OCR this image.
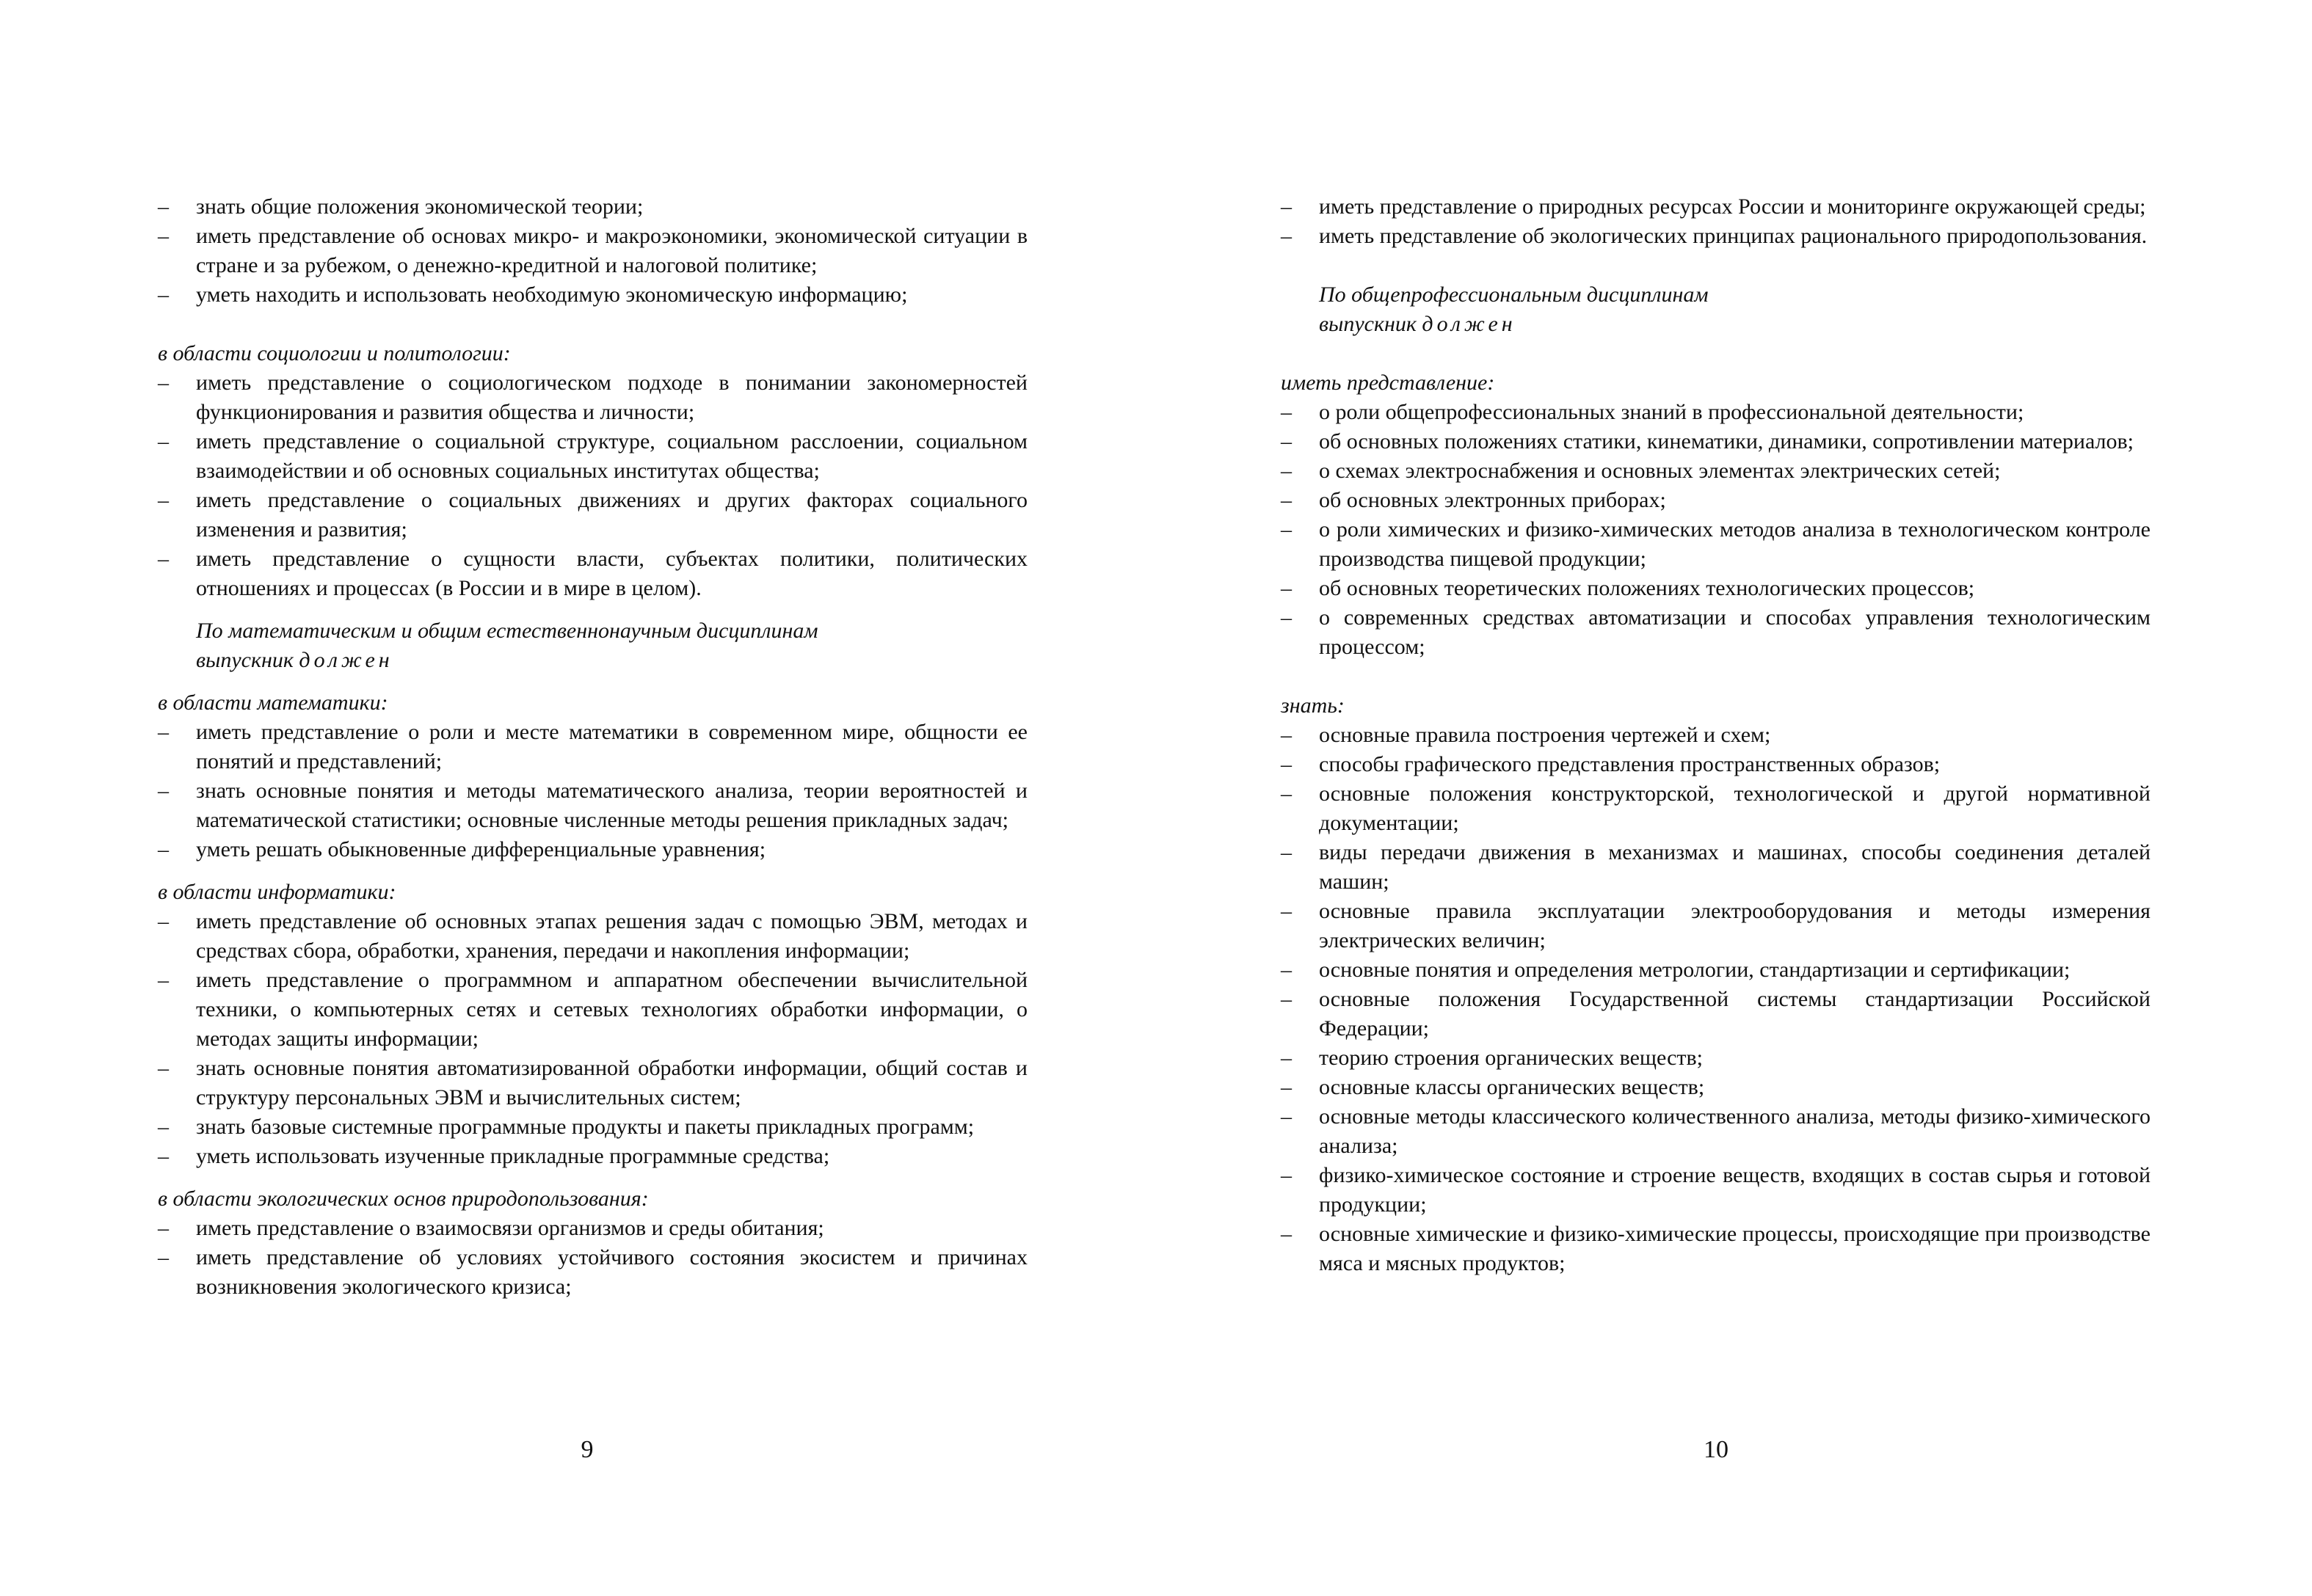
– знать общие положения экономической теории;
– иметь представление об основах микро- и макроэкономики, экономической ситуации в стране и за рубежом, о денежно-кредитной и налоговой политике;
– уметь находить и использовать необходимую экономическую информацию;
в области социологии и политологии:
– иметь представление о социологическом подходе в понимании закономерностей функционирования и развития общества и личности;
– иметь представление о социальной структуре, социальном расслоении, социальном взаимодействии и об основных социальных институтах общества;
– иметь представление о социальных движениях и других факторах социального изменения и развития;
– иметь представление о сущности власти, субъектах политики, политических отношениях и процессах (в России и в мире в целом).
По математическим и общим естественнонаучным дисциплинам
выпускник должен
в области математики:
– иметь представление о роли и месте математики в современном мире, общности ее понятий и представлений;
– знать основные понятия и методы математического анализа, теории вероятностей и математической статистики; основные численные методы решения прикладных задач;
– уметь решать обыкновенные дифференциальные уравнения;
в области информатики:
– иметь представление об основных этапах решения задач с помощью ЭВМ, методах и средствах сбора, обработки, хранения, передачи и накопления информации;
– иметь представление о программном и аппаратном обеспечении вычислительной техники, о компьютерных сетях и сетевых технологиях обработки информации, о методах защиты информации;
– знать основные понятия автоматизированной обработки информации, общий состав и структуру персональных ЭВМ и вычислительных систем;
– знать базовые системные программные продукты и пакеты прикладных программ;
– уметь использовать изученные прикладные программные средства;
в области экологических основ природопользования:
– иметь представление о взаимосвязи организмов и среды обитания;
– иметь представление об условиях устойчивого состояния экосистем и причинах возникновения экологического кризиса;
9
– иметь представление о природных ресурсах России и мониторинге окружающей среды;
– иметь представление об экологических принципах рационального природопользования.
По общепрофессиональным дисциплинам
выпускник должен
иметь представление:
– о роли общепрофессиональных знаний в профессиональной деятельности;
– об основных положениях статики, кинематики, динамики, сопротивлении материалов;
– о схемах электроснабжения и основных элементах электрических сетей;
– об основных электронных приборах;
– о роли химических и физико-химических методов анализа в технологическом контроле производства пищевой продукции;
– об основных теоретических положениях технологических процессов;
– о современных средствах автоматизации и способах управления технологическим процессом;
знать:
– основные правила построения чертежей и схем;
– способы графического представления пространственных образов;
– основные положения конструкторской, технологической и другой нормативной документации;
– виды передачи движения в механизмах и машинах, способы соединения деталей машин;
– основные правила эксплуатации электрооборудования и методы измерения электрических величин;
– основные понятия и определения метрологии, стандартизации и сертификации;
– основные положения Государственной системы стандартизации Российской Федерации;
– теорию строения органических веществ;
– основные классы органических веществ;
– основные методы классического количественного анализа, методы физико-химического анализа;
– физико-химическое состояние и строение веществ, входящих в состав сырья и готовой продукции;
– основные химические и физико-химические процессы, происходящие при производстве мяса и мясных продуктов;
10
